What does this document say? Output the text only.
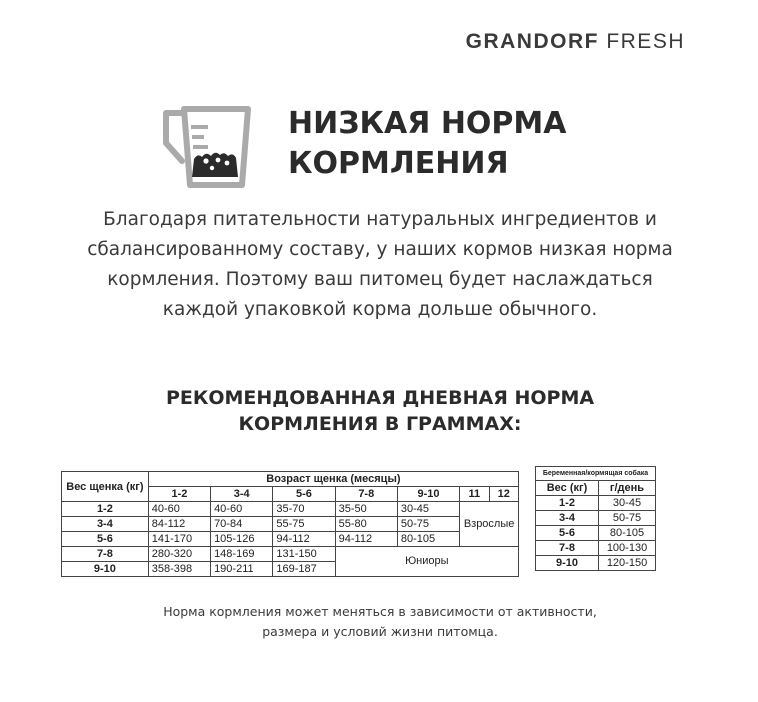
GRANDORF FRESH
НИЗКАЯ НОРМА
КОРМЛЕНИЯ
Благодаря питательности натуральных ингредиентов и
сбалансированному составу, у наших кормов низкая норма
кормления. Поэтому ваш питомец будет наслаждаться
каждой упаковкой корма дольше обычного.
РЕКОМЕНДОВАННАЯ ДНЕВНАЯ НОРМА
КОРМЛЕНИЯ В ГРАММАХ:
Вес щенка (кг)	Возраст щенка (месяцы)						
	1-2	3-4	5-6	7-8	9-10	11	12
1-2	40-60	40-60	35-70	35-50	30-45	Взрослые	
3-4	84-112	70-84	55-75	55-80	50-75		
5-6	141-170	105-126	94-112	94-112	80-105		
7-8	280-320	148-169	131-150	Юниоры			
9-10	358-398	190-211	169-187				
Беременная/кормящая собака	
Вес (кг)	г/день
1-2	30-45
3-4	50-75
5-6	80-105
7-8	100-130
9-10	120-150
Норма кормления может меняться в зависимости от активности,
размера и условий жизни питомца.
